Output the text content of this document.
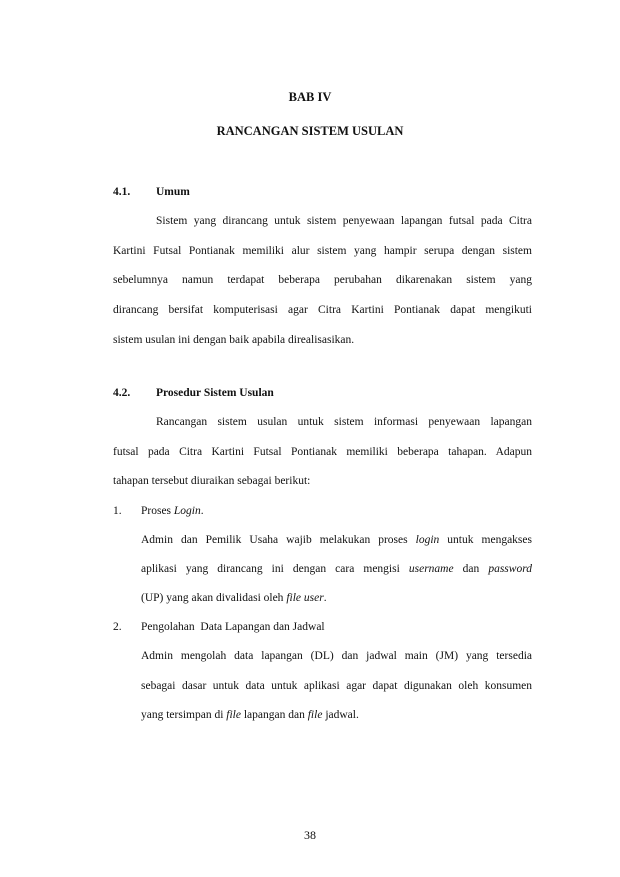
BAB IV
RANCANGAN SISTEM USULAN
4.1. Umum
Sistem yang dirancang untuk sistem penyewaan lapangan futsal pada Citra
Kartini Futsal Pontianak memiliki alur sistem yang hampir serupa dengan sistem
sebelumnya namun terdapat beberapa perubahan dikarenakan sistem yang
dirancang bersifat komputerisasi agar Citra Kartini Pontianak dapat mengikuti
sistem usulan ini dengan baik apabila direalisasikan.
4.2. Prosedur Sistem Usulan
Rancangan sistem usulan untuk sistem informasi penyewaan lapangan
futsal pada Citra Kartini Futsal Pontianak memiliki beberapa tahapan. Adapun
tahapan tersebut diuraikan sebagai berikut:
1. Proses Login.
Admin dan Pemilik Usaha wajib melakukan proses login untuk mengakses
aplikasi yang dirancang ini dengan cara mengisi username dan password
(UP) yang akan divalidasi oleh file user.
2. Pengolahan  Data Lapangan dan Jadwal
Admin mengolah data lapangan (DL) dan jadwal main (JM) yang tersedia
sebagai dasar untuk data untuk aplikasi agar dapat digunakan oleh konsumen
yang tersimpan di file lapangan dan file jadwal.
38
